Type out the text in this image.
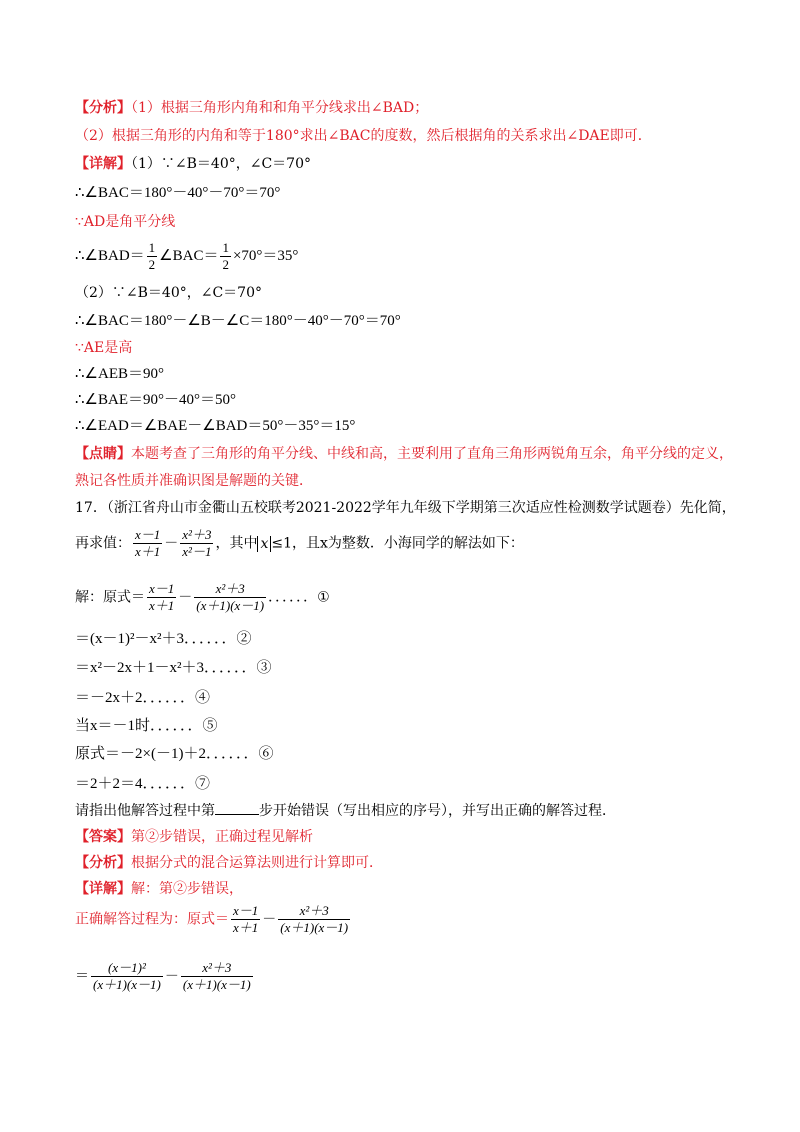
【分析】（1）根据三角形内角和和角平分线求出∠BAD；
（2）根据三角形的内角和等于180°求出∠BAC的度数，然后根据角的关系求出∠DAE即可．
【详解】（1）∵∠B＝40°，∠C＝70°
∴∠BAC＝180°－40°－70°＝70°
∵AD是角平分线
∴∠BAD＝ $\frac{1}{2}$ ∠BAC＝ $\frac{1}{2} \times 70^\circ=35^\circ$
（2）∵∠B＝40°，∠C＝70°
∴∠BAC＝180°－∠B－∠C＝180°－40°－70°＝70°
∵AE是高
∴∠AEB＝90°
∴∠BAE＝90°－40°＝50°
∴∠EAD＝∠BAE－∠BAD＝50°－35°＝15°
【点睛】本题考查了三角形的角平分线、中线和高，主要利用了直角三角形两锐角互余，角平分线的定义，
熟记各性质并准确识图是解题的关键．
17．（浙江省舟山市金衢山五校联考2021-2022学年九年级下学期第三次适应性检测数学试题卷）先化简，
再求值： $\frac{x-1}{x+1} - \frac{\text{x²＋3}}{\text{x²－1}}$ ，其中 x ≤1，且x为整数．小海同学的解法如下：
解：原式＝ $\frac{x-1}{x+1} - \frac{\text{x²＋3}}{(x+1)(x-1)}$ ．．．．．．①
＝(x－1)²－x²＋3．．．．．．②
＝x²－2x＋1－x²＋3．．．．．．③
＝－2x＋2．．．．．．④
当x＝－1时．．．．．．⑤
原式＝－2×(－1)＋2．．．．．．⑥
＝2＋2＝4．．．．．．⑦
请指出他解答过程中第	步开始错误（写出相应的序号），并写出正确的解答过程．
【答案】第②步错误，正确过程见解析
【分析】根据分式的混合运算法则进行计算即可．
【详解】解：第②步错误，
正确解答过程为：原式＝ $\frac{x-1}{x+1} - \frac{\text{x²＋3}}{(x+1)(x-1)}$
＝ $\frac{\text{(x－1)²}}{(x+1)(x-1)} - \frac{\text{x²＋3}}{(x+1)(x-1)}$
